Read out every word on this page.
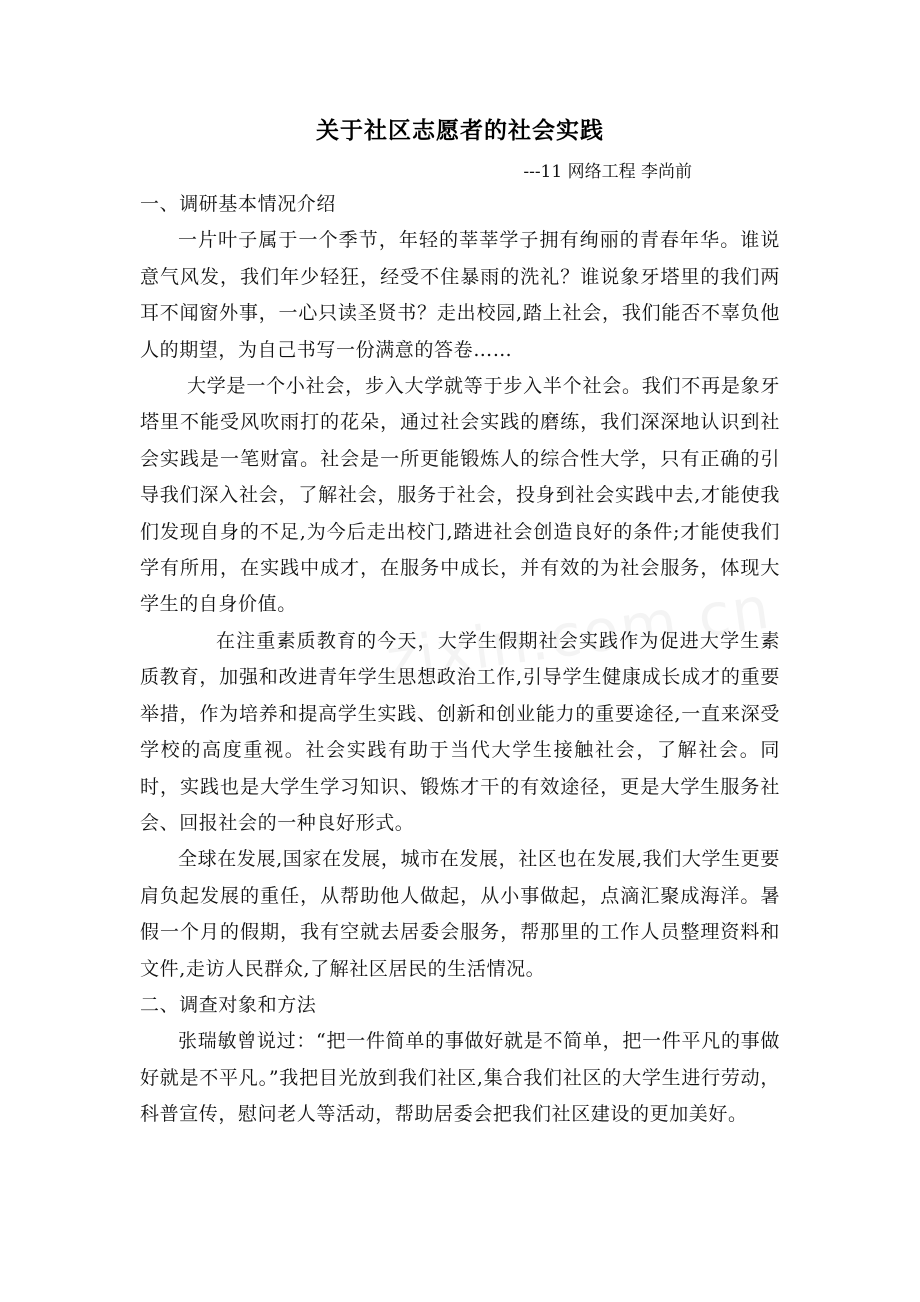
关于社区志愿者的社会实践
---11 网络工程 李尚前
一、调研基本情况介绍

一片叶子属于一个季节，年轻的莘莘学子拥有绚丽的青春年华。谁说意气风发，我们年少轻狂，经受不住暴雨的洗礼？谁说象牙塔里的我们两耳不闻窗外事，一心只读圣贤书？走出校园,踏上社会，我们能否不辜负他人的期望，为自己书写一份满意的答卷……

大学是一个小社会，步入大学就等于步入半个社会。我们不再是象牙塔里不能受风吹雨打的花朵，通过社会实践的磨练，我们深深地认识到社会实践是一笔财富。社会是一所更能锻炼人的综合性大学，只有正确的引导我们深入社会，了解社会，服务于社会，投身到社会实践中去,才能使我们发现自身的不足,为今后走出校门,踏进社会创造良好的条件;才能使我们学有所用，在实践中成才，在服务中成长，并有效的为社会服务，体现大学生的自身价值。

在注重素质教育的今天，大学生假期社会实践作为促进大学生素质教育，加强和改进青年学生思想政治工作,引导学生健康成长成才的重要举措，作为培养和提高学生实践、创新和创业能力的重要途径,一直来深受学校的高度重视。社会实践有助于当代大学生接触社会，了解社会。同时，实践也是大学生学习知识、锻炼才干的有效途径，更是大学生服务社会、回报社会的一种良好形式。

全球在发展,国家在发展，城市在发展，社区也在发展,我们大学生更要肩负起发展的重任，从帮助他人做起，从小事做起，点滴汇聚成海洋。暑假一个月的假期，我有空就去居委会服务，帮那里的工作人员整理资料和文件,走访人民群众,了解社区居民的生活情况。

二、调查对象和方法

张瑞敏曾说过：“把一件简单的事做好就是不简单，把一件平凡的事做好就是不平凡。”我把目光放到我们社区,集合我们社区的大学生进行劳动，科普宣传，慰问老人等活动，帮助居委会把我们社区建设的更加美好。
